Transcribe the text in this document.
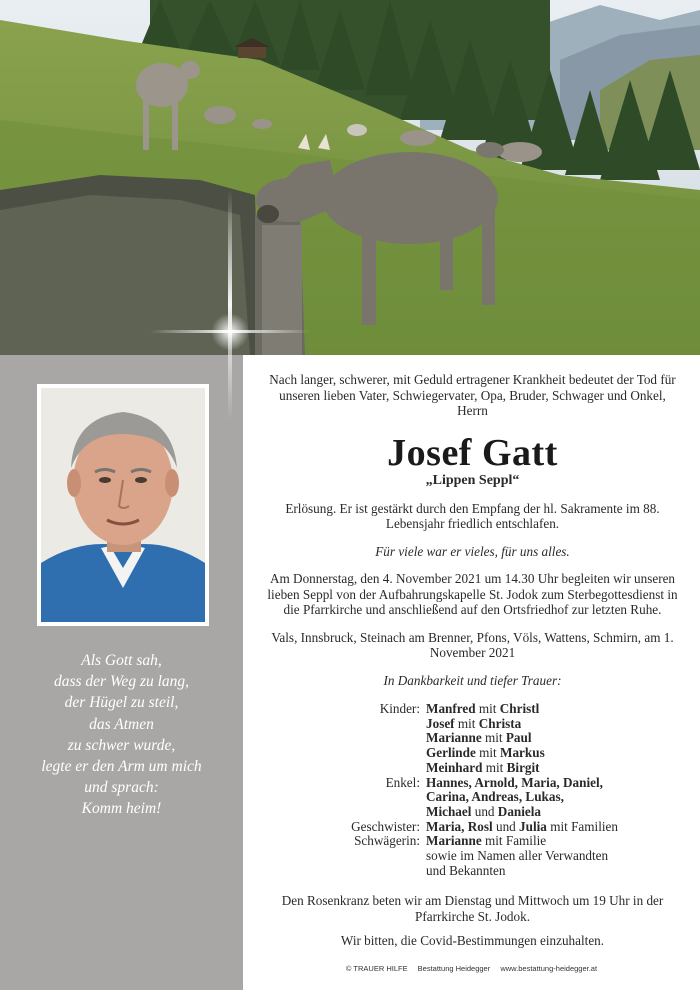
Als Gott sah,
dass der Weg zu lang,
der Hügel zu steil,
das Atmen
zu schwer wurde,
legte er den Arm um mich
und sprach:
Komm heim!

Nach langer, schwerer, mit Geduld ertragener Krankheit bedeutet der Tod für unseren lieben Vater, Schwiegervater, Opa, Bruder, Schwager und Onkel, Herrn

Josef Gatt
„Lippen Seppl“

Erlösung. Er ist gestärkt durch den Empfang der hl. Sakramente im 88. Lebensjahr friedlich entschlafen.

Für viele war er vieles, für uns alles.

Am Donnerstag, den 4. November 2021 um 14.30 Uhr begleiten wir unseren lieben Seppl von der Aufbahrungskapelle St. Jodok zum Sterbegottesdienst in die Pfarrkirche und anschließend auf den Ortsfriedhof zur letzten Ruhe.

Vals, Innsbruck, Steinach am Brenner, Pfons, Völs, Wattens, Schmirn, am 1. November 2021

In Dankbarkeit und tiefer Trauer:

Kinder: Manfred mit Christl
Josef mit Christa
Marianne mit Paul
Gerlinde mit Markus
Meinhard mit Birgit
Enkel: Hannes, Arnold, Maria, Daniel,
Carina, Andreas, Lukas,
Michael und Daniela
Geschwister: Maria, Rosl und Julia mit Familien
Schwägerin: Marianne mit Familie
sowie im Namen aller Verwandten
und Bekannten

Den Rosenkranz beten wir am Dienstag und Mittwoch um 19 Uhr in der Pfarrkirche St. Jodok.

Wir bitten, die Covid-Bestimmungen einzuhalten.

© TRAUER HILFE Bestattung Heidegger www.bestattung-heidegger.at
